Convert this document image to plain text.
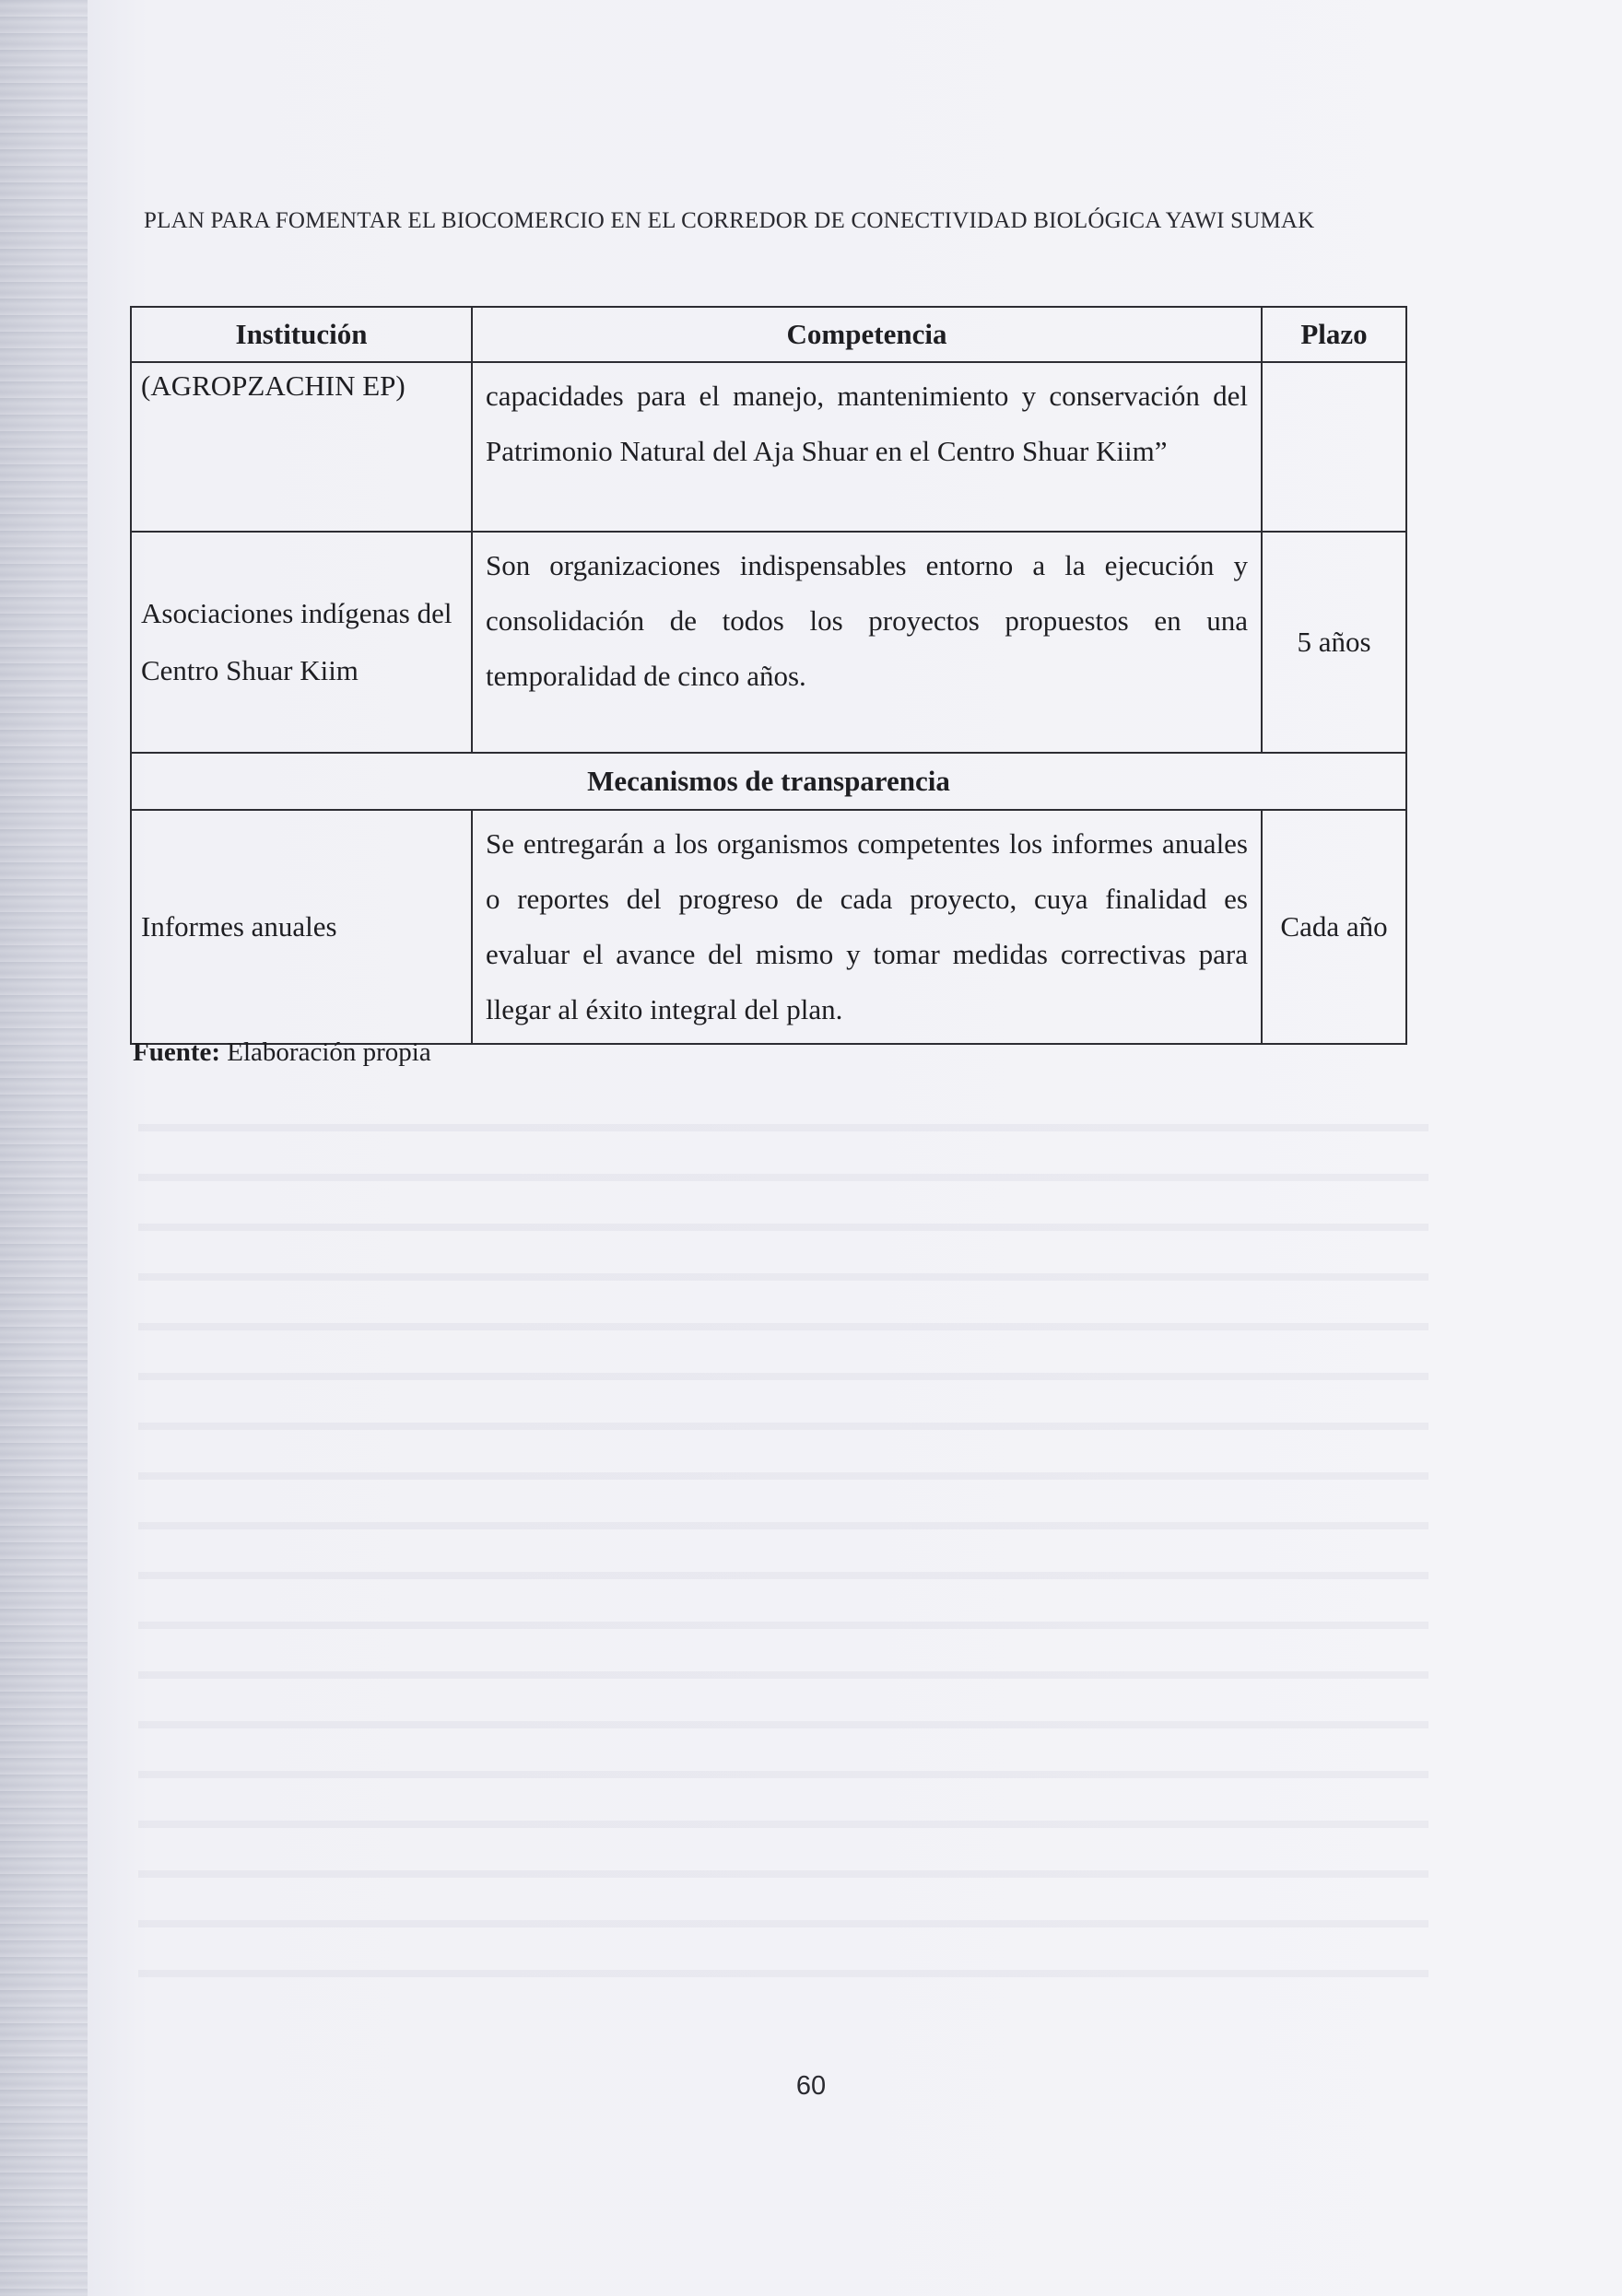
PLAN PARA FOMENTAR EL BIOCOMERCIO EN EL CORREDOR DE CONECTIVIDAD BIOLÓGICA YAWI SUMAK
Institución	Competencia	Plazo
(AGROPZACHIN EP)	capacidades para el manejo, mantenimiento y conservación del Patrimonio Natural del Aja Shuar en el Centro Shuar Kiim”	
Asociaciones indígenas del Centro Shuar Kiim	Son organizaciones indispensables entorno a la ejecución y consolidación de todos los proyectos propuestos en una temporalidad de cinco años.	5 años
Mecanismos de transparencia		
Informes anuales	Se entregarán a los organismos competentes los informes anuales o reportes del progreso de cada proyecto, cuya finalidad es evaluar el avance del mismo y tomar medidas correctivas para llegar al éxito integral del plan.	Cada año
Fuente: Elaboración propia
60
